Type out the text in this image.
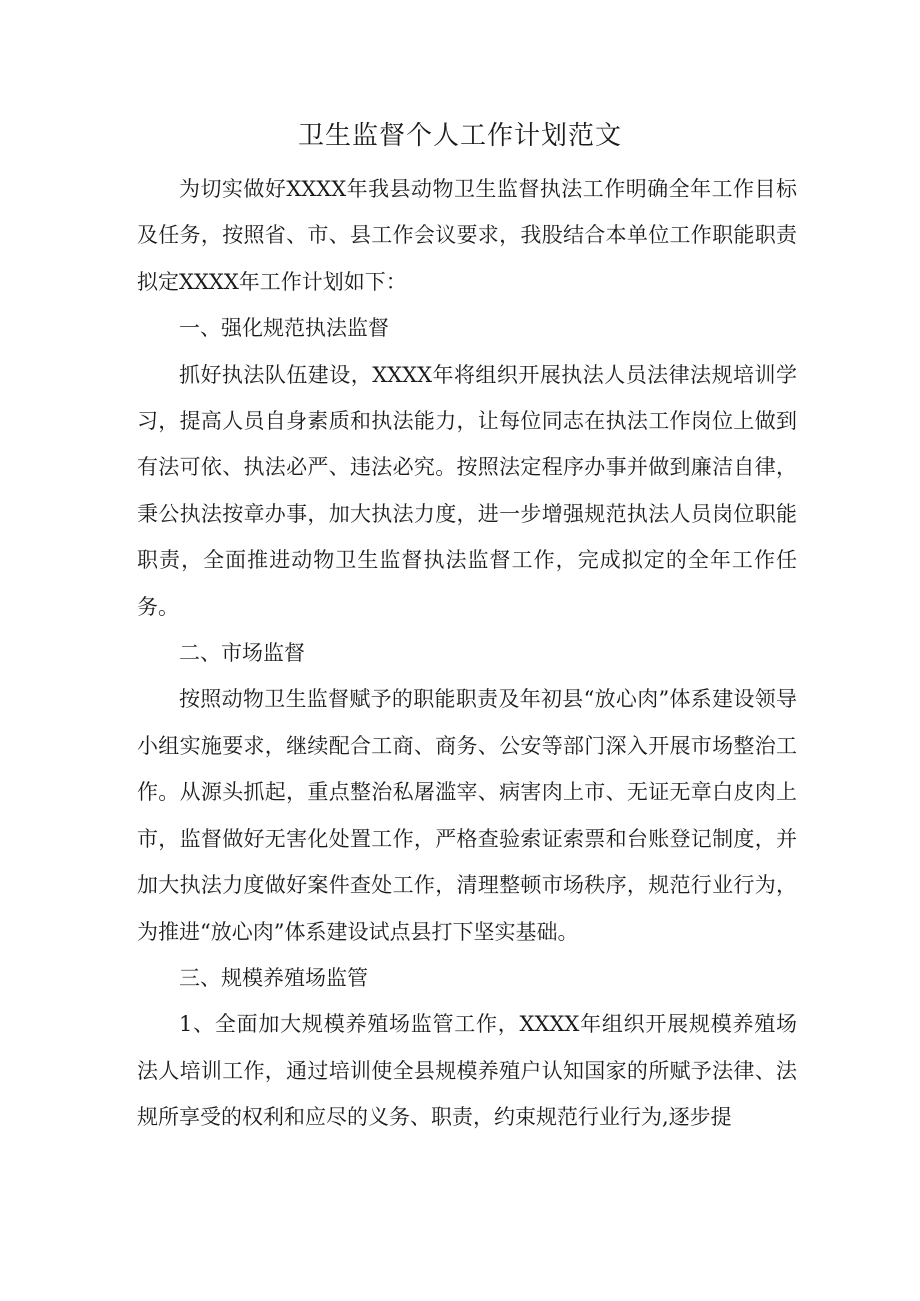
卫生监督个人工作计划范文

为切实做好XXXX年我县动物卫生监督执法工作明确全年工作目标及任务，按照省、市、县工作会议要求，我股结合本单位工作职能职责拟定XXXX年工作计划如下：

一、强化规范执法监督

抓好执法队伍建设，XXXX年将组织开展执法人员法律法规培训学习，提高人员自身素质和执法能力，让每位同志在执法工作岗位上做到有法可依、执法必严、违法必究。按照法定程序办事并做到廉洁自律，秉公执法按章办事，加大执法力度，进一步增强规范执法人员岗位职能职责，全面推进动物卫生监督执法监督工作，完成拟定的全年工作任务。

二、市场监督

按照动物卫生监督赋予的职能职责及年初县“放心肉”体系建设领导小组实施要求，继续配合工商、商务、公安等部门深入开展市场整治工作。从源头抓起，重点整治私屠滥宰、病害肉上市、无证无章白皮肉上市，监督做好无害化处置工作，严格查验索证索票和台账登记制度，并加大执法力度做好案件查处工作，清理整顿市场秩序，规范行业行为，为推进“放心肉”体系建设试点县打下坚实基础。

三、规模养殖场监管

1、全面加大规模养殖场监管工作，XXXX年组织开展规模养殖场法人培训工作，通过培训使全县规模养殖户认知国家的所赋予法律、法规所享受的权利和应尽的义务、职责，约束规范行业行为,逐步提
